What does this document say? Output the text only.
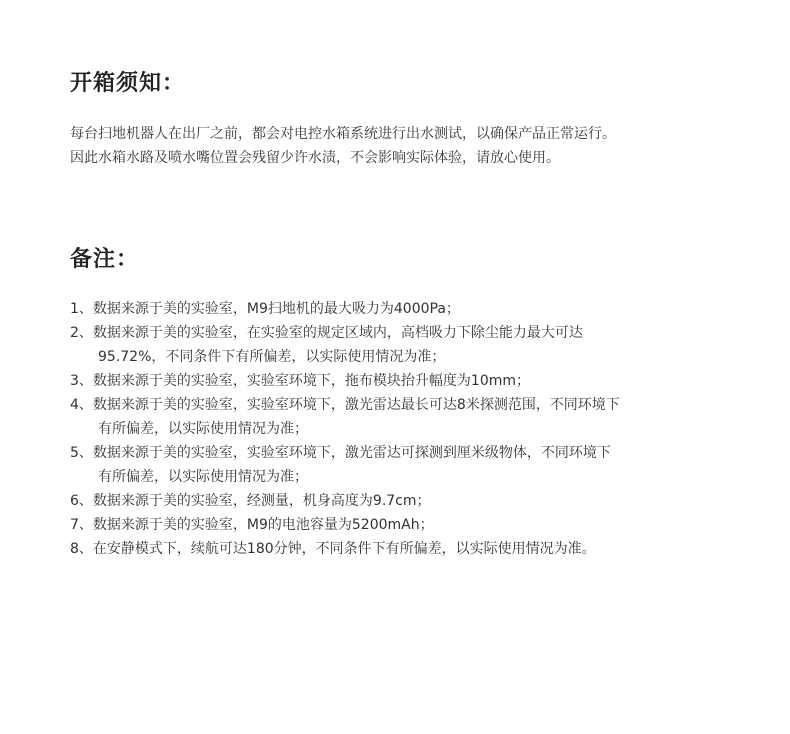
开箱须知：

每台扫地机器人在出厂之前，都会对电控水箱系统进行出水测试，以确保产品正常运行。

因此水箱水路及喷水嘴位置会残留少许水渍，不会影响实际体验，请放心使用。

备注：

1、数据来源于美的实验室，M9扫地机的最大吸力为4000Pa；

2、数据来源于美的实验室，在实验室的规定区域内，高档吸力下除尘能力最大可达

95.72%，不同条件下有所偏差，以实际使用情况为准；

3、数据来源于美的实验室，实验室环境下，拖布模块抬升幅度为10mm；

4、数据来源于美的实验室，实验室环境下，激光雷达最长可达8米探测范围，不同环境下

有所偏差，以实际使用情况为准；

5、数据来源于美的实验室，实验室环境下，激光雷达可探测到厘米级物体，不同环境下

有所偏差，以实际使用情况为准；

6、数据来源于美的实验室，经测量，机身高度为9.7cm；

7、数据来源于美的实验室，M9的电池容量为5200mAh；

8、在安静模式下，续航可达180分钟，不同条件下有所偏差，以实际使用情况为准。
